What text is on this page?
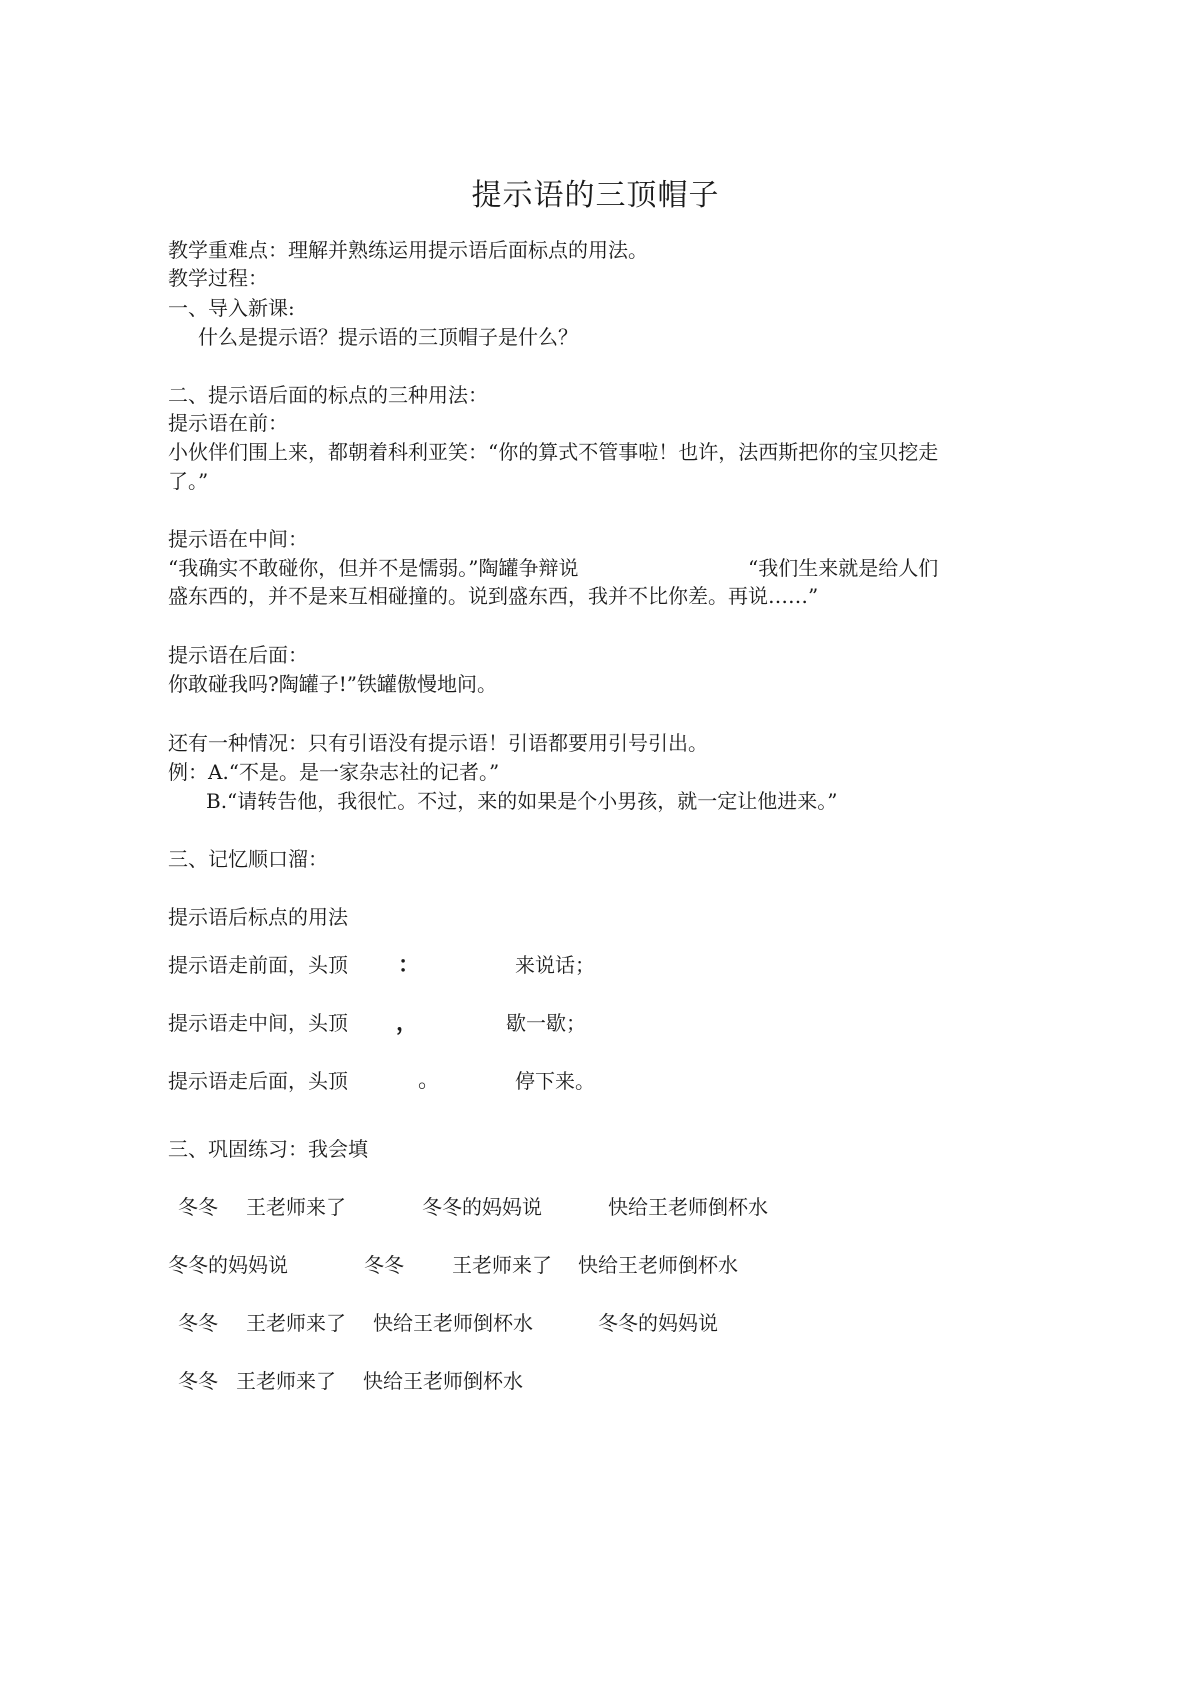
提示语的三顶帽子
教学重难点：理解并熟练运用提示语后面标点的用法。
教学过程：
一、导入新课:
什么是提示语？提示语的三顶帽子是什么？
二、提示语后面的标点的三种用法：
提示语在前：
小伙伴们围上来，都朝着科利亚笑：“你的算式不管事啦！也许，法西斯把你的宝贝挖走
了。”
提示语在中间：
“我确实不敢碰你，但并不是懦弱。”陶罐争辩说	“我们生来就是给人们
盛东西的，并不是来互相碰撞的。说到盛东西，我并不比你差。再说……”
提示语在后面：
你敢碰我吗?陶罐子!”铁罐傲慢地问。
还有一种情况：只有引语没有提示语！引语都要用引号引出。
例：A.“不是。是一家杂志社的记者。”
B.“请转告他，我很忙。不过，来的如果是个小男孩，就一定让他进来。”
三、记忆顺口溜：
提示语后标点的用法
提示语走前面，头顶 ：	来说话；
提示语走中间，头顶 ，	歇一歇；
提示语走后面，头顶	。	停下来。
三、巩固练习：我会填
冬冬 王老师来了	冬冬的妈妈说	快给王老师倒杯水
冬冬的妈妈说	冬冬 王老师来了 快给王老师倒杯水
冬冬 王老师来了 快给王老师倒杯水	冬冬的妈妈说
冬冬 王老师来了 快给王老师倒杯水
